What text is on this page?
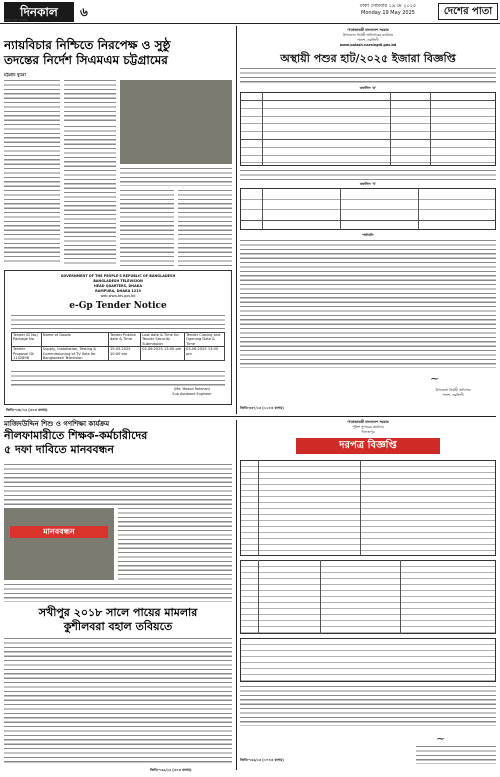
দিনকাল
ওয়ার্ল্ড প্রেস ফোরাম
৬	ঢাকা সোমবার ১৯ মে ২০২৫
Monday 19 May 2025	দেশের পাতা
ন্যায়বিচার নিশ্চিতে নিরপেক্ষ ও সুষ্ঠু
তদন্তের নির্দেশ সিএমএম চট্টগ্রামের
চট্টগ্রাম ব্যুরো
GOVERNMENT OF THE PEOPLE'S REPUBLIC OF BANGLADESH
BANGLADESH TELEVISION
HEAD QUARTERS, DHAKA
RAMPURA, DHAKA 1219
web.www.btv.gov.bd
e-Gp Tender Notice
Tender ID No./ Package No	Name of Goods	Tender Publish date & Time	Last date & Time for Tender Security Submission	Tender Closing and Opening Date & Time
Tender Proposal ID: 1152898	Supply, Installation, Testing & Commissioning of TV Sets for Bangladesh Television	19.05.2025 10:00 am	02.06.2025 13:00 pm	03.06.2025 13:00 pm
(Md. Masud Rahman)
Sub Assistant Engineer
জিডি-৭৩৮/২৫ (৫×৪ কলাম)
গণপ্রজাতন্ত্রী বাংলাদেশ সরকার
উপজেলা নির্বাহী অফিসারের কার্যালয়
পলাশ, নরসিংদী
www.palash.narsingdi.gov.bd
অস্থায়ী পশুর হাট/২০২৫ ইজারা বিজ্ঞপ্তি
তফসিল 'ক'
তফসিল 'খ'
শর্তাবলি
~
উপজেলা নির্বাহী অফিসার
পলাশ, নরসিংদী
জিডি-৩৪৭/২৫ (১২×৪ কলাম)
মাজিদউদ্দিন শিশু ও গণশিক্ষা কার্যক্রম
নীলফামারীতে শিক্ষক-কর্মচারীদের
৫ দফা দাবিতে মানববন্ধন
মানববন্ধন
সখীপুর ২০১৮ সালে পায়ের মামলার
কুশীলবরা বহাল তবিয়তে
জিডি-৭৫৯/২৫ (৫×৩ কলাম)
গণপ্রজাতন্ত্রী বাংলাদেশ সরকার
পুলিশ সুপারের কার্যালয়
দিনাজপুর
দরপত্র বিজ্ঞপ্তি
~
জিডি-৭৫৬/২৫ (১০×৪ কলাম)
